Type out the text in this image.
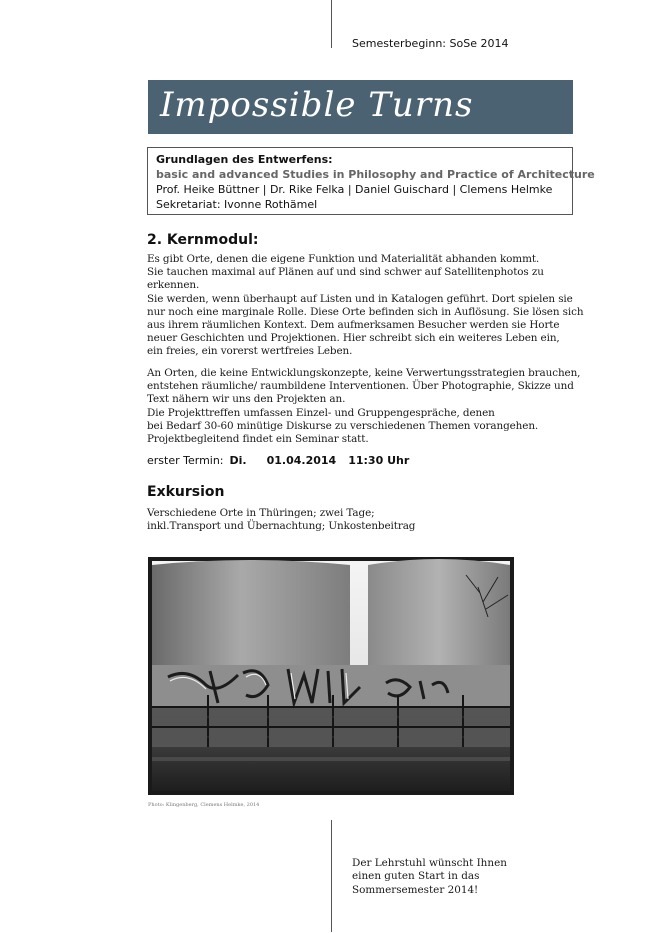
Semesterbeginn: SoSe 2014
Impossible Turns
Grundlagen des Entwerfens:
basic and advanced Studies in Philosophy and Practice of Architecture
Prof. Heike Büttner | Dr. Rike Felka | Daniel Guischard | Clemens Helmke
Sekretariat: Ivonne Rothämel
2. Kernmodul:
Es gibt Orte, denen die eigene Funktion und Materialität abhanden kommt.
Sie tauchen maximal auf Plänen auf und sind schwer auf Satellitenphotos zu
erkennen.
Sie werden, wenn überhaupt auf Listen und in Katalogen geführt. Dort spielen sie
nur noch eine marginale Rolle. Diese Orte befinden sich in Auflösung. Sie lösen sich
aus ihrem räumlichen Kontext. Dem aufmerksamen Besucher werden sie Horte
neuer Geschichten und Projektionen. Hier schreibt sich ein weiteres Leben ein,
ein freies, ein vorerst wertfreies Leben.
An Orten, die keine Entwicklungskonzepte, keine Verwertungsstrategien brauchen,
entstehen räumliche/ raumbildene Interventionen. Über Photographie, Skizze und
Text nähern wir uns den Projekten an.
Die Projekttreffen umfassen Einzel- und Gruppengespräche, denen
bei Bedarf 30-60 minütige Diskurse zu verschiedenen Themen vorangehen.
Projektbegleitend findet ein Seminar statt.
erster Termin: Di. 01.04.2014 11:30 Uhr
Exkursion
Verschiedene Orte in Thüringen; zwei Tage;
inkl.Transport und Übernachtung; Unkostenbeitrag
Photo: Klingenberg, Clemens Helmke, 2014
Der Lehrstuhl wünscht Ihnen
einen guten Start in das
Sommersemester 2014!
